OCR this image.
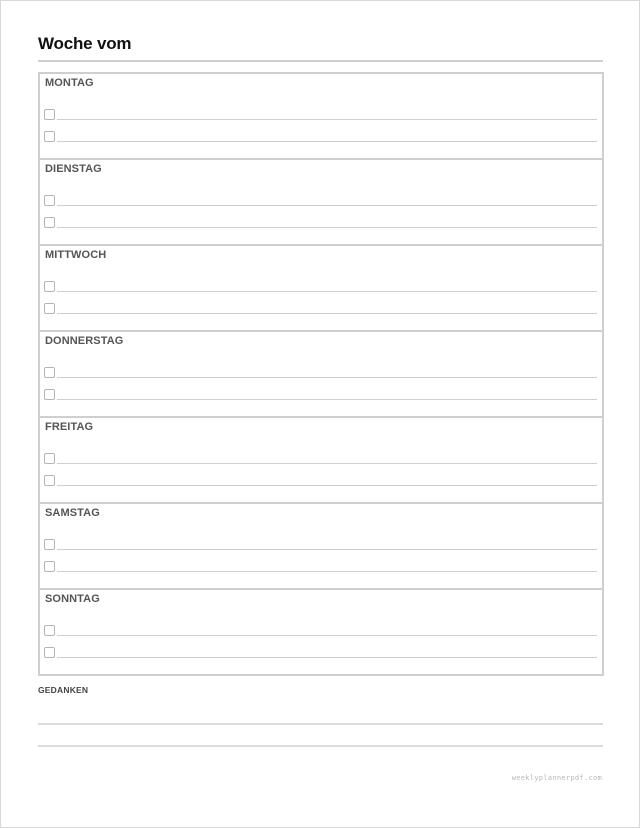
Woche vom
MONTAG
DIENSTAG
MITTWOCH
DONNERSTAG
FREITAG
SAMSTAG
SONNTAG
GEDANKEN
weeklyplannerpdf.com
